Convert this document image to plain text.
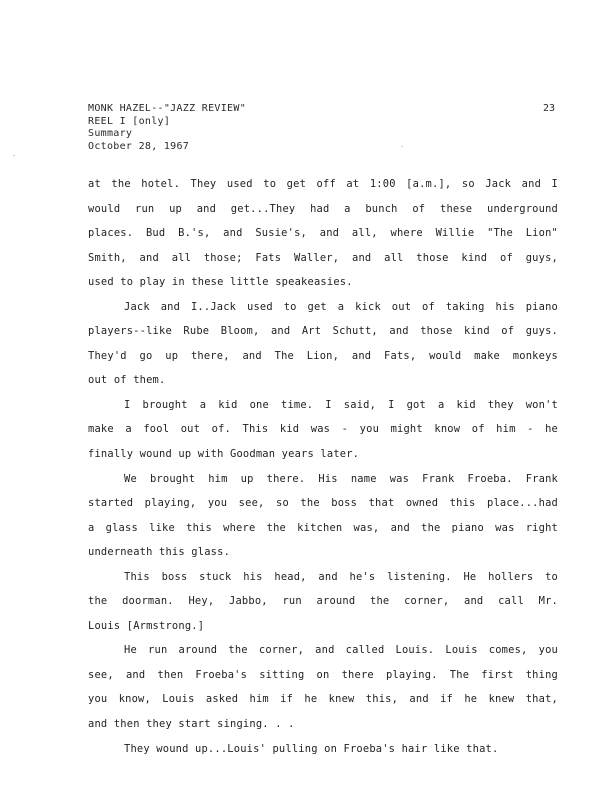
MONK HAZEL--"JAZZ REVIEW"
REEL I [only]
Summary
October 28, 1967
23
⋅
⋅
at the hotel. They used to get off at 1:00 [a.m.], so Jack and I
would run up and get...They had a bunch of these underground
places. Bud B.'s, and Susie's, and all, where Willie "The Lion"
Smith, and all those; Fats Waller, and all those kind of guys,
used to play in these little speakeasies.
Jack and I..Jack used to get a kick out of taking his piano
players--like Rube Bloom, and Art Schutt, and those kind of guys.
They'd go up there, and The Lion, and Fats, would make monkeys
out of them.
I brought a kid one time. I said, I got a kid they won't
make a fool out of. This kid was - you might know of him - he
finally wound up with Goodman years later.
We brought him up there. His name was Frank Froeba. Frank
started playing, you see, so the boss that owned this place...had
a glass like this where the kitchen was, and the piano was right
underneath this glass.
This boss stuck his head, and he's listening. He hollers to
the doorman. Hey, Jabbo, run around the corner, and call Mr.
Louis [Armstrong.]
He run around the corner, and called Louis. Louis comes, you
see, and then Froeba's sitting on there playing. The first thing
you know, Louis asked him if he knew this, and if he knew that,
and then they start singing. . .
They wound up...Louis' pulling on Froeba's hair like that.
